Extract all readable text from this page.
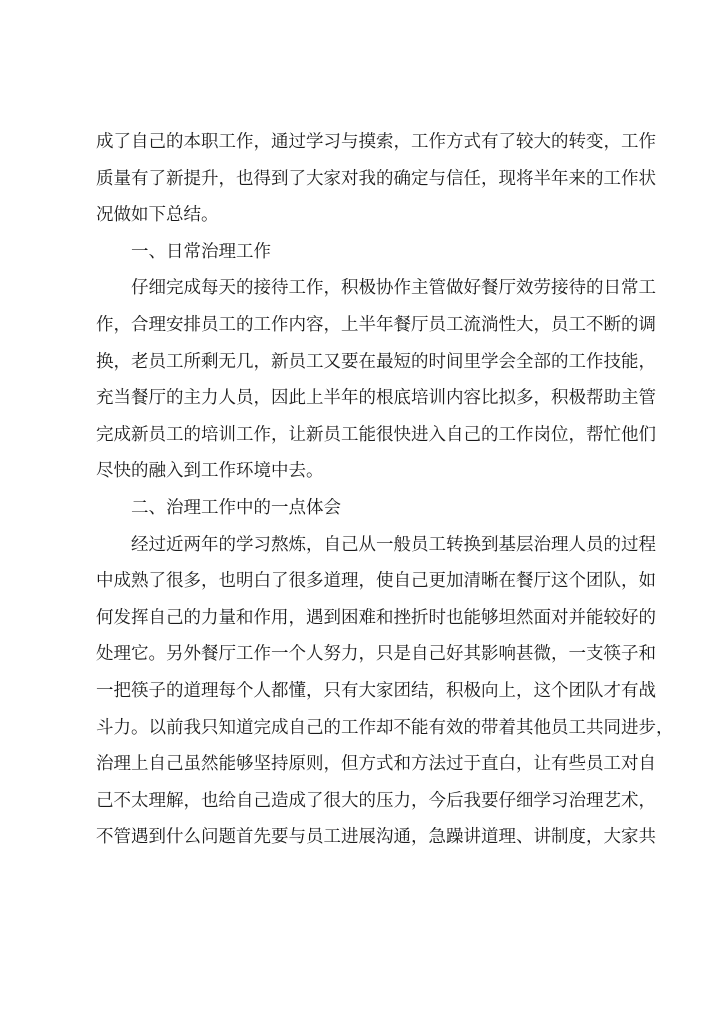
成了自己的本职工作，通过学习与摸索，工作方式有了较大的转变，工作
质量有了新提升，也得到了大家对我的确定与信任，现将半年来的工作状
况做如下总结。
一、日常治理工作
仔细完成每天的接待工作，积极协作主管做好餐厅效劳接待的日常工
作，合理安排员工的工作内容，上半年餐厅员工流淌性大，员工不断的调
换，老员工所剩无几，新员工又要在最短的时间里学会全部的工作技能，
充当餐厅的主力人员，因此上半年的根底培训内容比拟多，积极帮助主管
完成新员工的培训工作，让新员工能很快进入自己的工作岗位，帮忙他们
尽快的融入到工作环境中去。
二、治理工作中的一点体会
经过近两年的学习熬炼，自己从一般员工转换到基层治理人员的过程
中成熟了很多，也明白了很多道理，使自己更加清晰在餐厅这个团队，如
何发挥自己的力量和作用，遇到困难和挫折时也能够坦然面对并能较好的
处理它。另外餐厅工作一个人努力，只是自己好其影响甚微，一支筷子和
一把筷子的道理每个人都懂，只有大家团结，积极向上，这个团队才有战
斗力。以前我只知道完成自己的工作却不能有效的带着其他员工共同进步，
治理上自己虽然能够坚持原则，但方式和方法过于直白，让有些员工对自
己不太理解，也给自己造成了很大的压力，今后我要仔细学习治理艺术，
不管遇到什么问题首先要与员工进展沟通，急躁讲道理、讲制度，大家共
